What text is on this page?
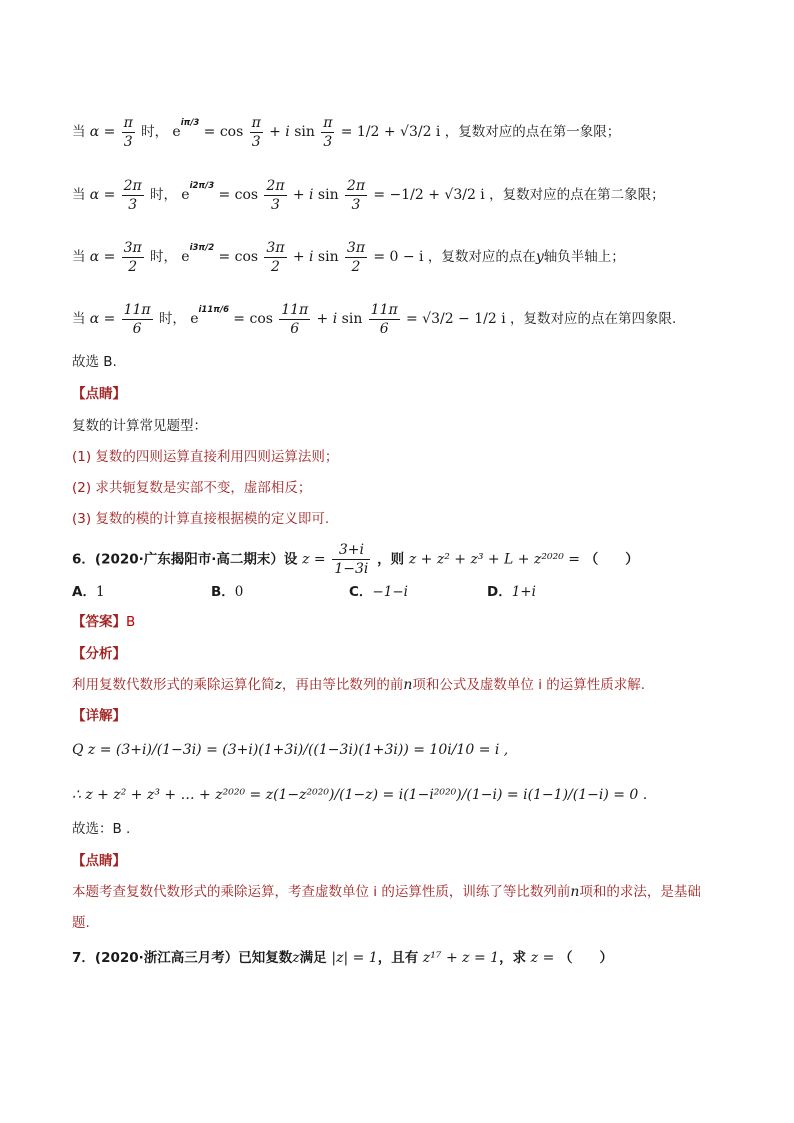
当 $\alpha = \frac{\pi}{3}$ 时， $e^{i\pi/3} = \cos \frac{\pi}{3} + i$ $\sin \frac{\pi}{3} = 1/2 + √3/2$ i ，复数对应的点在第一象限；
当 $\alpha = \frac{2\pi}{3}$ 时， $e^{i2\pi/3} = \cos \frac{2\pi}{3} + i$ $\sin \frac{2\pi}{3} = -1/2 + √3/2$ i ，复数对应的点在第二象限；
当 $\alpha = \frac{3\pi}{2}$ 时， $e^{i3\pi/2} = \cos \frac{3\pi}{2} + i$ $\sin \frac{3\pi}{2} = 0 - i$ ，复数对应的点在y轴负半轴上；
当 $\alpha = \frac{11\pi}{6}$ 时， $e^{i11\pi/6} = \cos \frac{11\pi}{6} + i$ $\sin \frac{11\pi}{6} = √3/2 - 1/2$ i ，复数对应的点在第四象限.
故选 B.
【点睛】
复数的计算常见题型：
(1) 复数的四则运算直接利用四则运算法则；
(2) 求共轭复数是实部不变，虚部相反；
(3) 复数的模的计算直接根据模的定义即可.
6．(2020·广东揭阳市·高二期末）设 $z = \frac{3+i}{1-3i}$ ，则 z + z² + z³ + L + z²⁰²⁰ = （　　）
A．1	B．0	C．−1−i	D．1+i
【答案】B
【分析】
利用复数代数形式的乘除运算化简z，再由等比数列的前n项和公式及虚数单位 i 的运算性质求解.
【详解】
Q z = (3+i)/(1−3i) = (3+i)(1+3i)/((1−3i)(1+3i)) = 10i/10 = i ,
∴ z + z² + z³ + … + z²⁰²⁰ = z(1−z²⁰²⁰)/(1−z) = i(1−i²⁰²⁰)/(1−i) = i(1−1)/(1−i) = 0 .
故选：B .
【点睛】
本题考查复数代数形式的乘除运算，考查虚数单位 i 的运算性质，训练了等比数列前n项和的求法，是基础
题.
7．(2020·浙江高三月考）已知复数z满足 |z| = 1，且有 z¹⁷ + z = 1，求 z = （　　）
